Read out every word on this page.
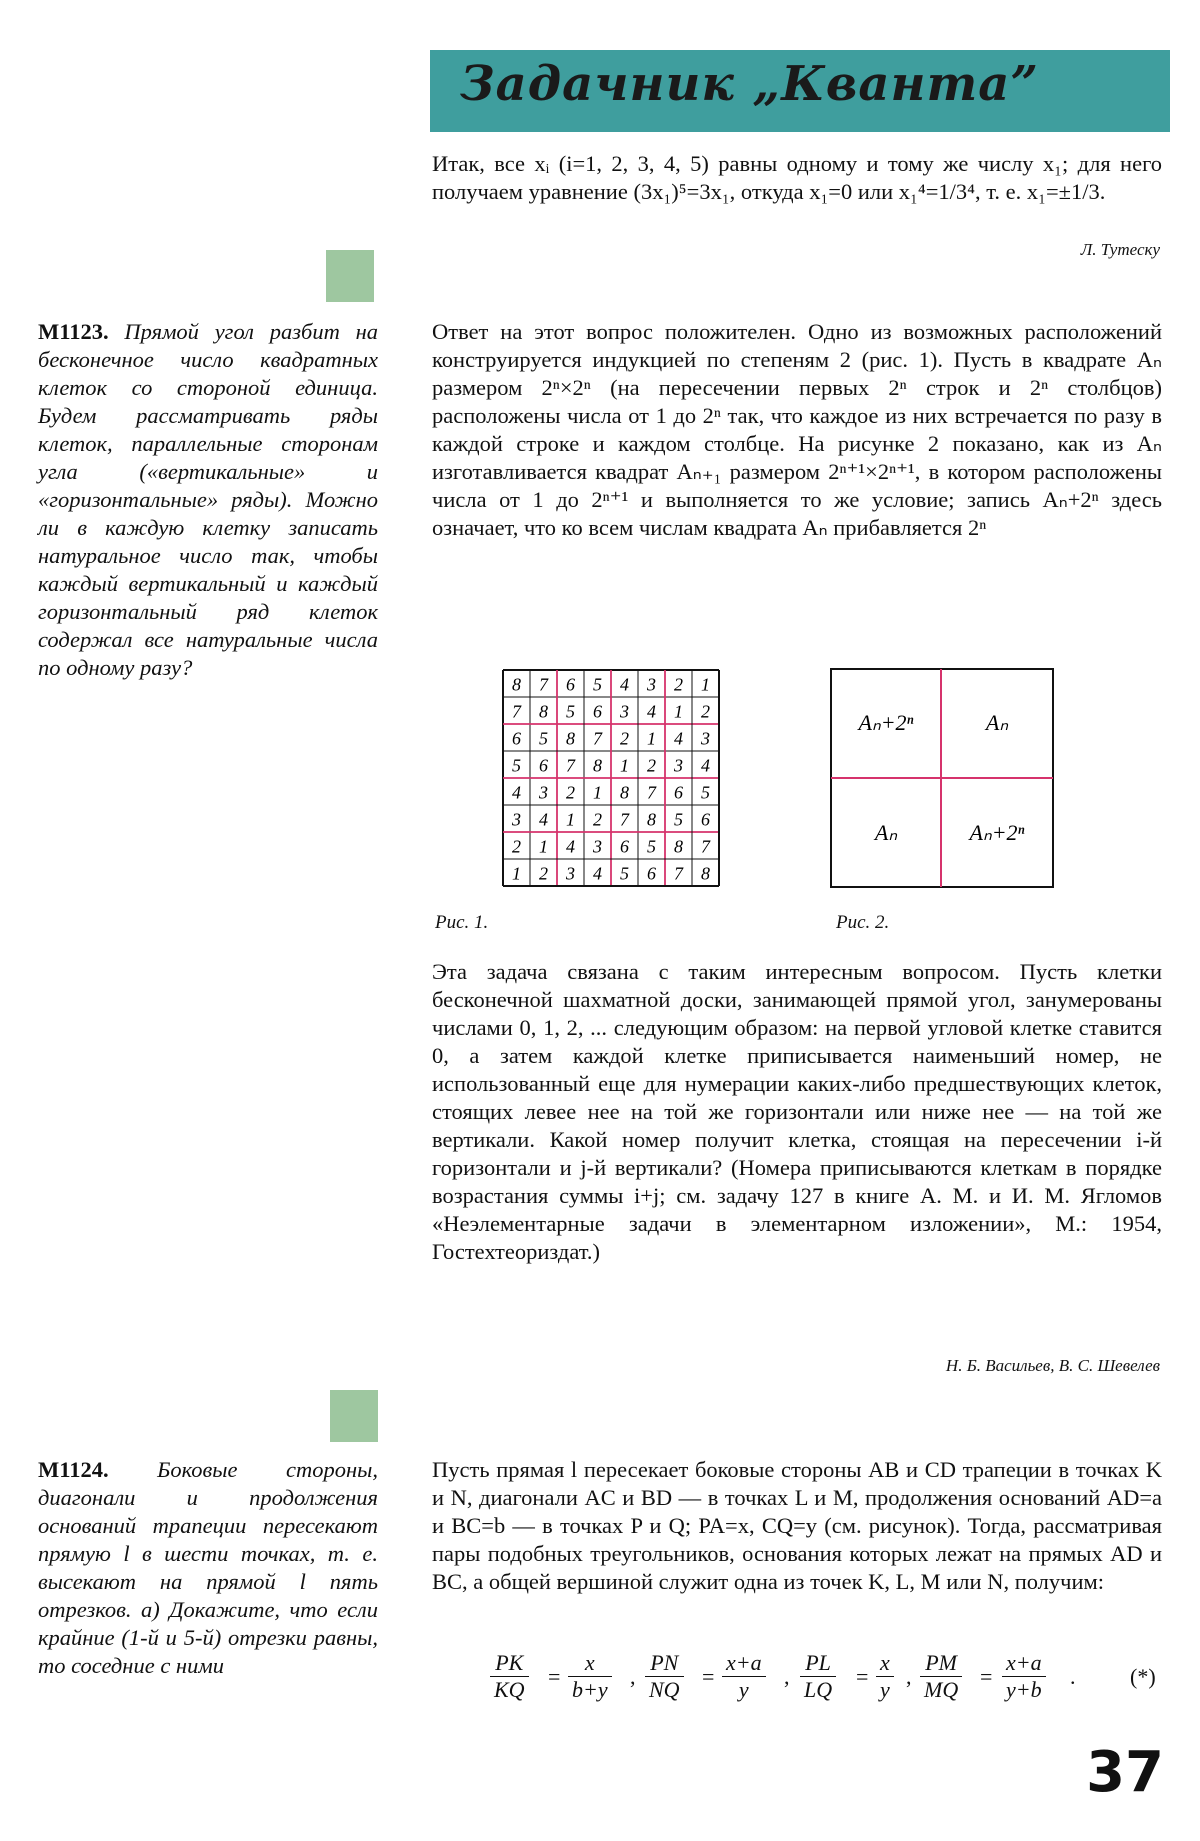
Задачник „Кванта”

Итак, все xᵢ (i=1, 2, 3, 4, 5) равны одному и тому же числу x₁; для него получаем уравнение (3x₁)⁵=3x₁, откуда x₁=0 или x₁⁴=1/3⁴, т. е. x₁=±1/3.

Л. Тутеску

М1123. Прямой угол разбит на бесконечное число квадратных клеток со стороной единица. Будем рассматривать ряды клеток, параллельные сторонам угла («вертикальные» и «горизонтальные» ряды). Можно ли в каждую клетку записать натуральное число так, чтобы каждый вертикальный и каждый горизонтальный ряд клеток содержал все натуральные числа по одному разу?

Ответ на этот вопрос положителен. Одно из возможных расположений конструируется индукцией по степеням 2 (рис. 1). Пусть в квадрате Aₙ размером 2ⁿ×2ⁿ (на пересечении первых 2ⁿ строк и 2ⁿ столбцов) расположены числа от 1 до 2ⁿ так, что каждое из них встречается по разу в каждой строке и каждом столбце. На рисунке 2 показано, как из Aₙ изготавливается квадрат Aₙ₊₁ размером 2ⁿ⁺¹×2ⁿ⁺¹, в котором расположены числа от 1 до 2ⁿ⁺¹ и выполняется то же условие; запись Aₙ+2ⁿ здесь означает, что ко всем числам квадрата Aₙ прибавляется 2ⁿ

8 7 6 5 4 3 2 1
7 8 5 6 3 4 1 2
6 5 8 7 2 1 4 3
5 6 7 8 1 2 3 4
4 3 2 1 8 7 6 5
3 4 1 2 7 8 5 6
2 1 4 3 6 5 8 7
1 2 3 4 5 6 7 8
Aₙ+2ⁿ	Aₙ
Aₙ	Aₙ+2ⁿ
Рис. 1.	Рис. 2.

Эта задача связана с таким интересным вопросом. Пусть клетки бесконечной шахматной доски, занимающей прямой угол, занумерованы числами 0, 1, 2, ... следующим образом: на первой угловой клетке ставится 0, а затем каждой клетке приписывается наименьший номер, не использованный еще для нумерации каких-либо предшествующих клеток, стоящих левее нее на той же горизонтали или ниже нее — на той же вертикали. Какой номер получит клетка, стоящая на пересечении i-й горизонтали и j-й вертикали? (Номера приписываются клеткам в порядке возрастания суммы i+j; см. задачу 127 в книге А. М. и И. М. Ягломов «Неэлементарные задачи в элементарном изложении», М.: 1954, Гостехтеориздат.)

Н. Б. Васильев, В. С. Шевелев

М1124. Боковые стороны, диагонали и продолжения оснований трапеции пересекают прямую l в шести точках, т. е. высекают на прямой l пять отрезков. а) Докажите, что если крайние (1-й и 5-й) отрезки равны, то соседние с ними

Пусть прямая l пересекает боковые стороны AB и CD трапеции в точках K и N, диагонали AC и BD — в точках L и M, продолжения оснований AD=a и BC=b — в точках P и Q; PA=x, CQ=y (см. рисунок). Тогда, рассматривая пары подобных треугольников, основания которых лежат на прямых AD и BC, а общей вершиной служит одна из точек K, L, M или N, получим:

$\frac{PK}{KQ} = \frac{x}{b+y}$ , $\frac{PN}{NQ} = \frac{x+a}{y}$ , $\frac{PL}{LQ} = \frac{x}{y}$ , $\frac{PM}{MQ} = \frac{x+a}{y+b}$ . (*)
37
